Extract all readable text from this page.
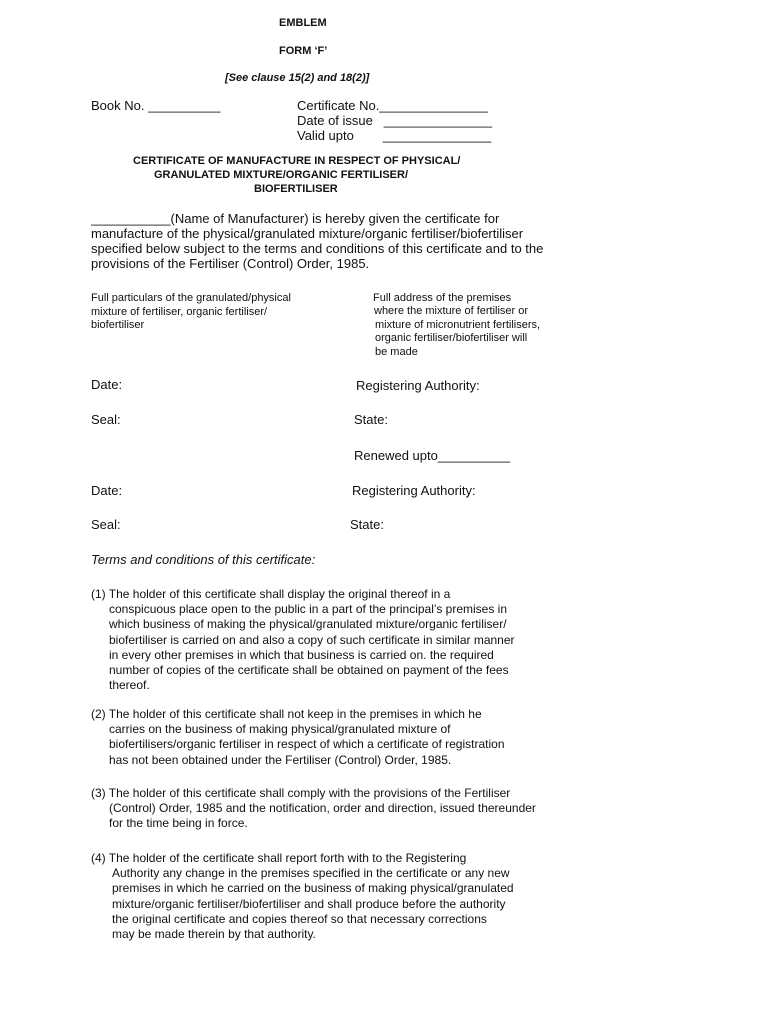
EMBLEM
FORM ‘F’
[See clause 15(2) and 18(2)]
Book No. __________	Certificate No._______________
Date of issue   _______________
Valid upto        _______________
CERTIFICATE OF MANUFACTURE IN RESPECT OF PHYSICAL/
GRANULATED MIXTURE/ORGANIC FERTILISER/
BIOFERTILISER
___________(Name of Manufacturer) is hereby given the certificate for
manufacture of the physical/granulated mixture/organic fertiliser/biofertiliser
specified below subject to the terms and conditions of this certificate and to the
provisions of the Fertiliser (Control) Order, 1985.
Full particulars of the granulated/physical
mixture of fertiliser, organic fertiliser/
biofertiliser
Full address of the premises
where the mixture of fertiliser or
mixture of micronutrient fertilisers,
organic fertiliser/biofertiliser will
be made
Date:	Registering Authority:
Seal:	State:
Renewed upto__________
Date:	Registering Authority:
Seal:	State:
Terms and conditions of this certificate:
(1) The holder of this certificate shall display the original thereof in a
conspicuous place open to the public in a part of the principal’s premises in
which business of making the physical/granulated mixture/organic fertiliser/
biofertiliser is carried on and also a copy of such certificate in similar manner
in every other premises in which that business is carried on. the required
number of copies of the certificate shall be obtained on payment of the fees
thereof.
(2) The holder of this certificate shall not keep in the premises in which he
carries on the business of making physical/granulated mixture of
biofertilisers/organic fertiliser in respect of which a certificate of registration
has not been obtained under the Fertiliser (Control) Order, 1985.
(3) The holder of this certificate shall comply with the provisions of the Fertiliser
(Control) Order, 1985 and the notification, order and direction, issued thereunder
for the time being in force.
(4) The holder of the certificate shall report forth with to the Registering
Authority any change in the premises specified in the certificate or any new
premises in which he carried on the business of making physical/granulated
mixture/organic fertiliser/biofertiliser and shall produce before the authority
the original certificate and copies thereof so that necessary corrections
may be made therein by that authority.
